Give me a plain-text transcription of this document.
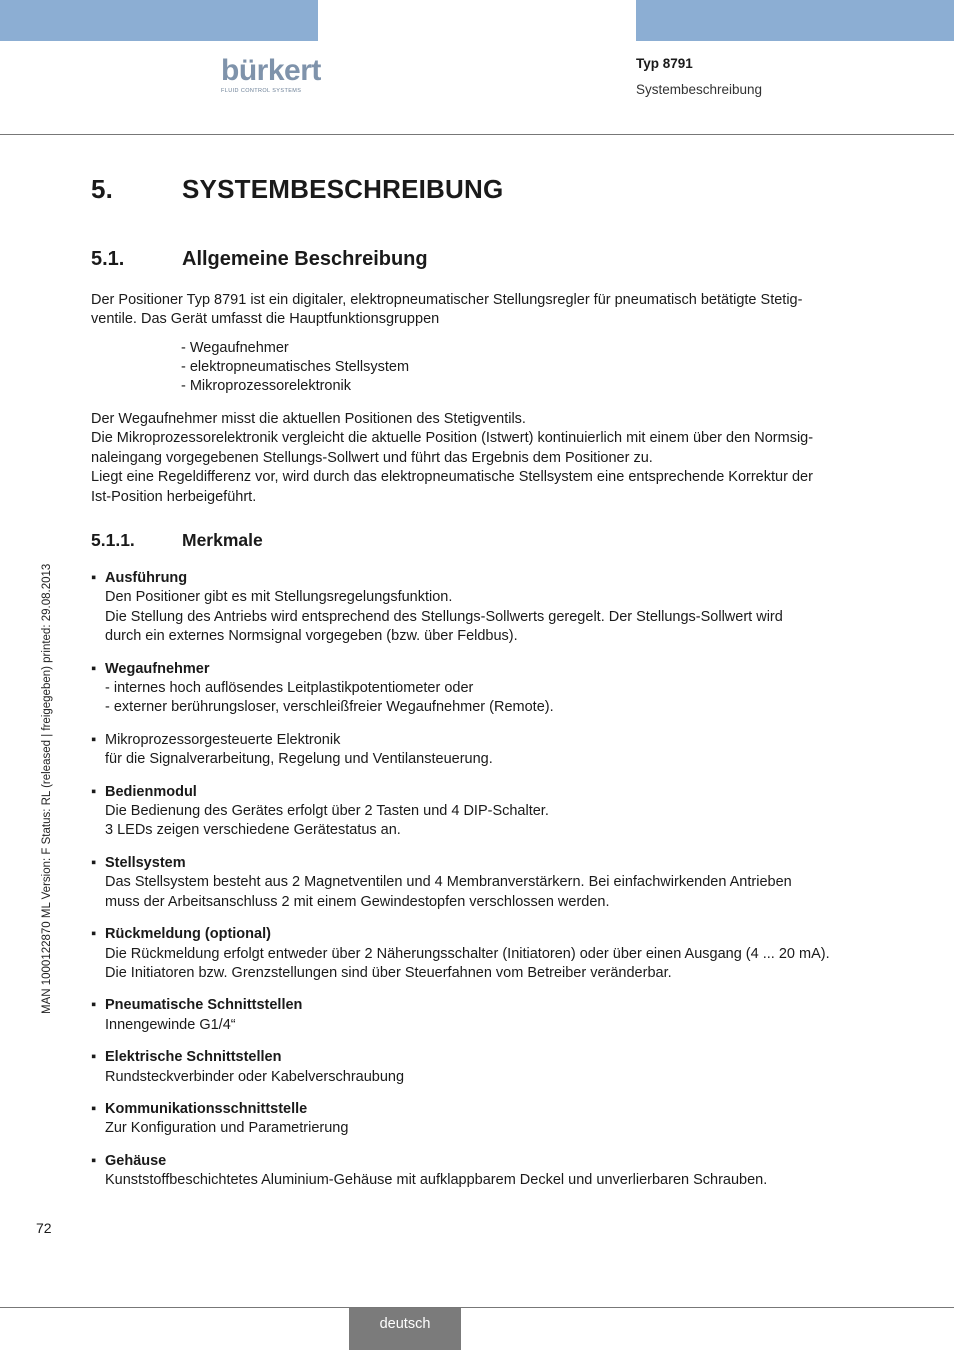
bürkert
FLUID CONTROL SYSTEMS
Typ 8791
Systembeschreibung
5.	SYSTEMBESCHREIBUNG
5.1.	Allgemeine Beschreibung

Der Positioner Typ 8791 ist ein digitaler, elektropneumatischer Stellungsregler für pneumatisch betätigte Stetig-
ventile. Das Gerät umfasst die Hauptfunktionsgruppen

- Wegaufnehmer
- elektropneumatisches Stellsystem
- Mikroprozessorelektronik

Der Wegaufnehmer misst die aktuellen Positionen des Stetigventils.
Die Mikroprozessorelektronik vergleicht die aktuelle Position (Istwert) kontinuierlich mit einem über den Normsig-
naleingang vorgegebenen Stellungs-Sollwert und führt das Ergebnis dem Positioner zu.
Liegt eine Regeldifferenz vor, wird durch das elektropneumatische Stellsystem eine entsprechende Korrektur der
Ist-Position herbeigeführt.

5.1.1.	Merkmale
▪ Ausführung
Den Positioner gibt es mit Stellungsregelungsfunktion.
Die Stellung des Antriebs wird entsprechend des Stellungs-Sollwerts geregelt. Der Stellungs-Sollwert wird
durch ein externes Normsignal vorgegeben (bzw. über Feldbus).
▪ Wegaufnehmer
- internes hoch auflösendes Leitplastikpotentiometer oder
- externer berührungsloser, verschleißfreier Wegaufnehmer (Remote).
▪ Mikroprozessorgesteuerte Elektronik
für die Signalverarbeitung, Regelung und Ventilansteuerung.
▪ Bedienmodul
Die Bedienung des Gerätes erfolgt über 2 Tasten und 4 DIP-Schalter.
3 LEDs zeigen verschiedene Gerätestatus an.
▪ Stellsystem
Das Stellsystem besteht aus 2 Magnetventilen und 4 Membranverstärkern. Bei einfachwirkenden Antrieben
muss der Arbeitsanschluss 2 mit einem Gewindestopfen verschlossen werden.
▪ Rückmeldung (optional)
Die Rückmeldung erfolgt entweder über 2 Näherungsschalter (Initiatoren) oder über einen Ausgang (4 ... 20 mA).
Die Initiatoren bzw. Grenzstellungen sind über Steuerfahnen vom Betreiber veränderbar.
▪ Pneumatische Schnittstellen
Innengewinde G1/4“
▪ Elektrische Schnittstellen
Rundsteckverbinder oder Kabelverschraubung
▪ Kommunikationsschnittstelle
Zur Konfiguration und Parametrierung
▪ Gehäuse
Kunststoffbeschichtetes Aluminium-Gehäuse mit aufklappbarem Deckel und unverlierbaren Schrauben.
MAN 1000122870 ML Version: F Status: RL (released | freigegeben) printed: 29.08.2013
72
deutsch
